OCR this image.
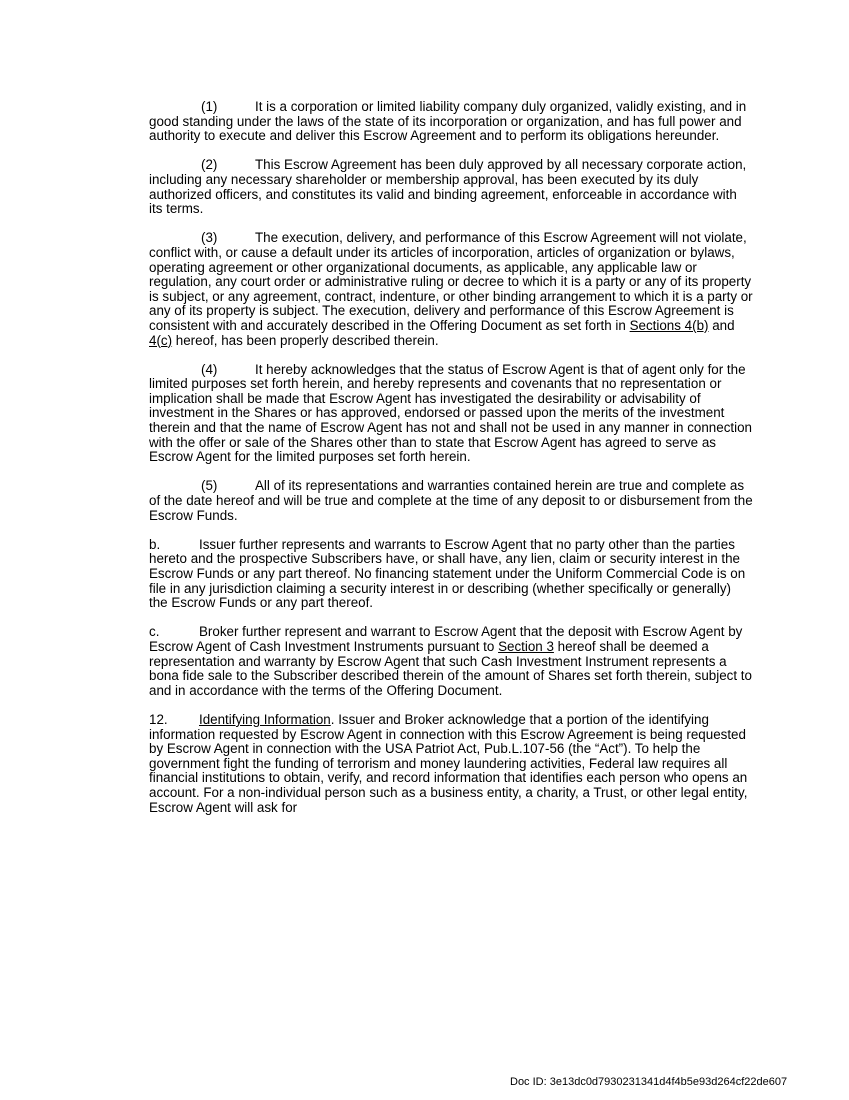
(1)	It is a corporation or limited liability company duly organized, validly existing, and in good standing under the laws of the state of its incorporation or organization, and has full power and authority to execute and deliver this Escrow Agreement and to perform its obligations hereunder.

(2)	This Escrow Agreement has been duly approved by all necessary corporate action, including any necessary shareholder or membership approval, has been executed by its duly authorized officers, and constitutes its valid and binding agreement, enforceable in accordance with its terms.

(3)	The execution, delivery, and performance of this Escrow Agreement will not violate, conflict with, or cause a default under its articles of incorporation, articles of organization or bylaws, operating agreement or other organizational documents, as applicable, any applicable law or regulation, any court order or administrative ruling or decree to which it is a party or any of its property is subject, or any agreement, contract, indenture, or other binding arrangement to which it is a party or any of its property is subject. The execution, delivery and performance of this Escrow Agreement is consistent with and accurately described in the Offering Document as set forth in Sections 4(b) and 4(c) hereof, has been properly described therein.

(4)	It hereby acknowledges that the status of Escrow Agent is that of agent only for the limited purposes set forth herein, and hereby represents and covenants that no representation or implication shall be made that Escrow Agent has investigated the desirability or advisability of investment in the Shares or has approved, endorsed or passed upon the merits of the investment therein and that the name of Escrow Agent has not and shall not be used in any manner in connection with the offer or sale of the Shares other than to state that Escrow Agent has agreed to serve as Escrow Agent for the limited purposes set forth herein.

(5)	All of its representations and warranties contained herein are true and complete as of the date hereof and will be true and complete at the time of any deposit to or disbursement from the Escrow Funds.

b.	Issuer further represents and warrants to Escrow Agent that no party other than the parties hereto and the prospective Subscribers have, or shall have, any lien, claim or security interest in the Escrow Funds or any part thereof. No financing statement under the Uniform Commercial Code is on file in any jurisdiction claiming a security interest in or describing (whether specifically or generally) the Escrow Funds or any part thereof.

c.	Broker further represent and warrant to Escrow Agent that the deposit with Escrow Agent by Escrow Agent of Cash Investment Instruments pursuant to Section 3 hereof shall be deemed a representation and warranty by Escrow Agent that such Cash Investment Instrument represents a bona fide sale to the Subscriber described therein of the amount of Shares set forth therein, subject to and in accordance with the terms of the Offering Document.

12. Identifying Information. Issuer and Broker acknowledge that a portion of the identifying information requested by Escrow Agent in connection with this Escrow Agreement is being requested by Escrow Agent in connection with the USA Patriot Act, Pub.L.107-56 (the “Act”). To help the government fight the funding of terrorism and money laundering activities, Federal law requires all financial institutions to obtain, verify, and record information that identifies each person who opens an account. For a non-individual person such as a business entity, a charity, a Trust, or other legal entity, Escrow Agent will ask for

Doc ID: 3e13dc0d7930231341d4f4b5e93d264cf22de607
